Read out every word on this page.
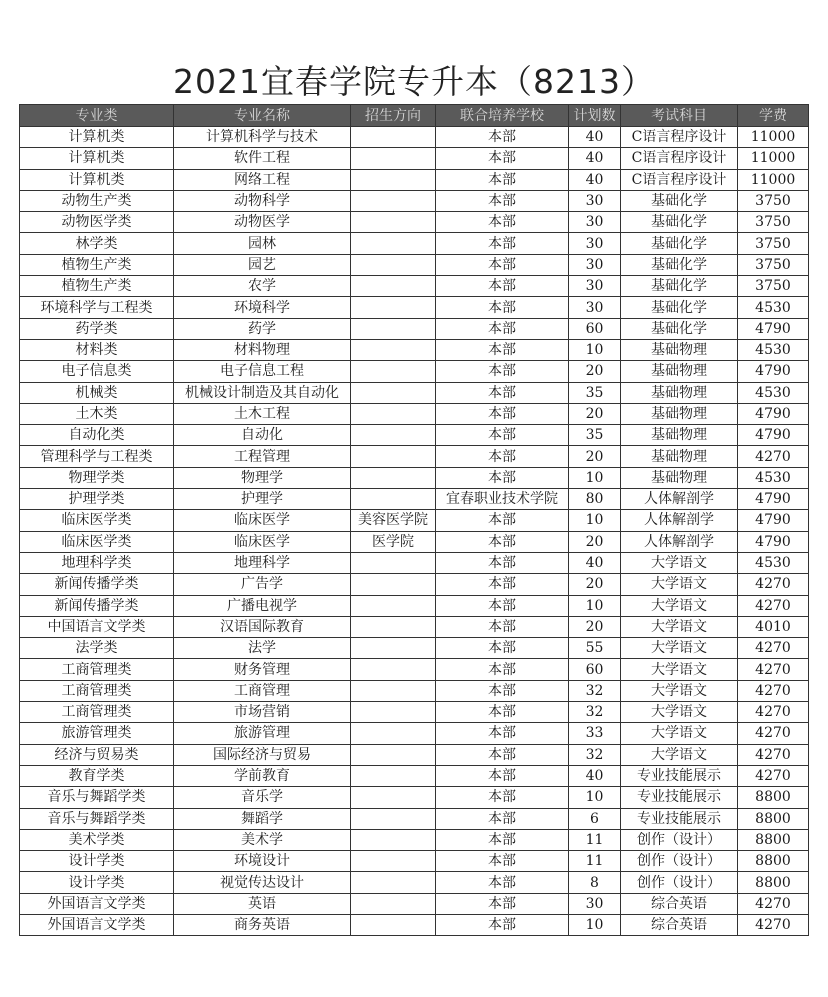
2021宜春学院专升本（8213）
专业类	专业名称	招生方向	联合培养学校	计划数	考试科目	学费
计算机类	计算机科学与技术		本部	40	C语言程序设计	11000
计算机类	软件工程		本部	40	C语言程序设计	11000
计算机类	网络工程		本部	40	C语言程序设计	11000
动物生产类	动物科学		本部	30	基础化学	3750
动物医学类	动物医学		本部	30	基础化学	3750
林学类	园林		本部	30	基础化学	3750
植物生产类	园艺		本部	30	基础化学	3750
植物生产类	农学		本部	30	基础化学	3750
环境科学与工程类	环境科学		本部	30	基础化学	4530
药学类	药学		本部	60	基础化学	4790
材料类	材料物理		本部	10	基础物理	4530
电子信息类	电子信息工程		本部	20	基础物理	4790
机械类	机械设计制造及其自动化		本部	35	基础物理	4530
土木类	土木工程		本部	20	基础物理	4790
自动化类	自动化		本部	35	基础物理	4790
管理科学与工程类	工程管理		本部	20	基础物理	4270
物理学类	物理学		本部	10	基础物理	4530
护理学类	护理学		宜春职业技术学院	80	人体解剖学	4790
临床医学类	临床医学	美容医学院	本部	10	人体解剖学	4790
临床医学类	临床医学	医学院	本部	20	人体解剖学	4790
地理科学类	地理科学		本部	40	大学语文	4530
新闻传播学类	广告学		本部	20	大学语文	4270
新闻传播学类	广播电视学		本部	10	大学语文	4270
中国语言文学类	汉语国际教育		本部	20	大学语文	4010
法学类	法学		本部	55	大学语文	4270
工商管理类	财务管理		本部	60	大学语文	4270
工商管理类	工商管理		本部	32	大学语文	4270
工商管理类	市场营销		本部	32	大学语文	4270
旅游管理类	旅游管理		本部	33	大学语文	4270
经济与贸易类	国际经济与贸易		本部	32	大学语文	4270
教育学类	学前教育		本部	40	专业技能展示	4270
音乐与舞蹈学类	音乐学		本部	10	专业技能展示	8800
音乐与舞蹈学类	舞蹈学		本部	6	专业技能展示	8800
美术学类	美术学		本部	11	创作（设计）	8800
设计学类	环境设计		本部	11	创作（设计）	8800
设计学类	视觉传达设计		本部	8	创作（设计）	8800
外国语言文学类	英语		本部	30	综合英语	4270
外国语言文学类	商务英语		本部	10	综合英语	4270
